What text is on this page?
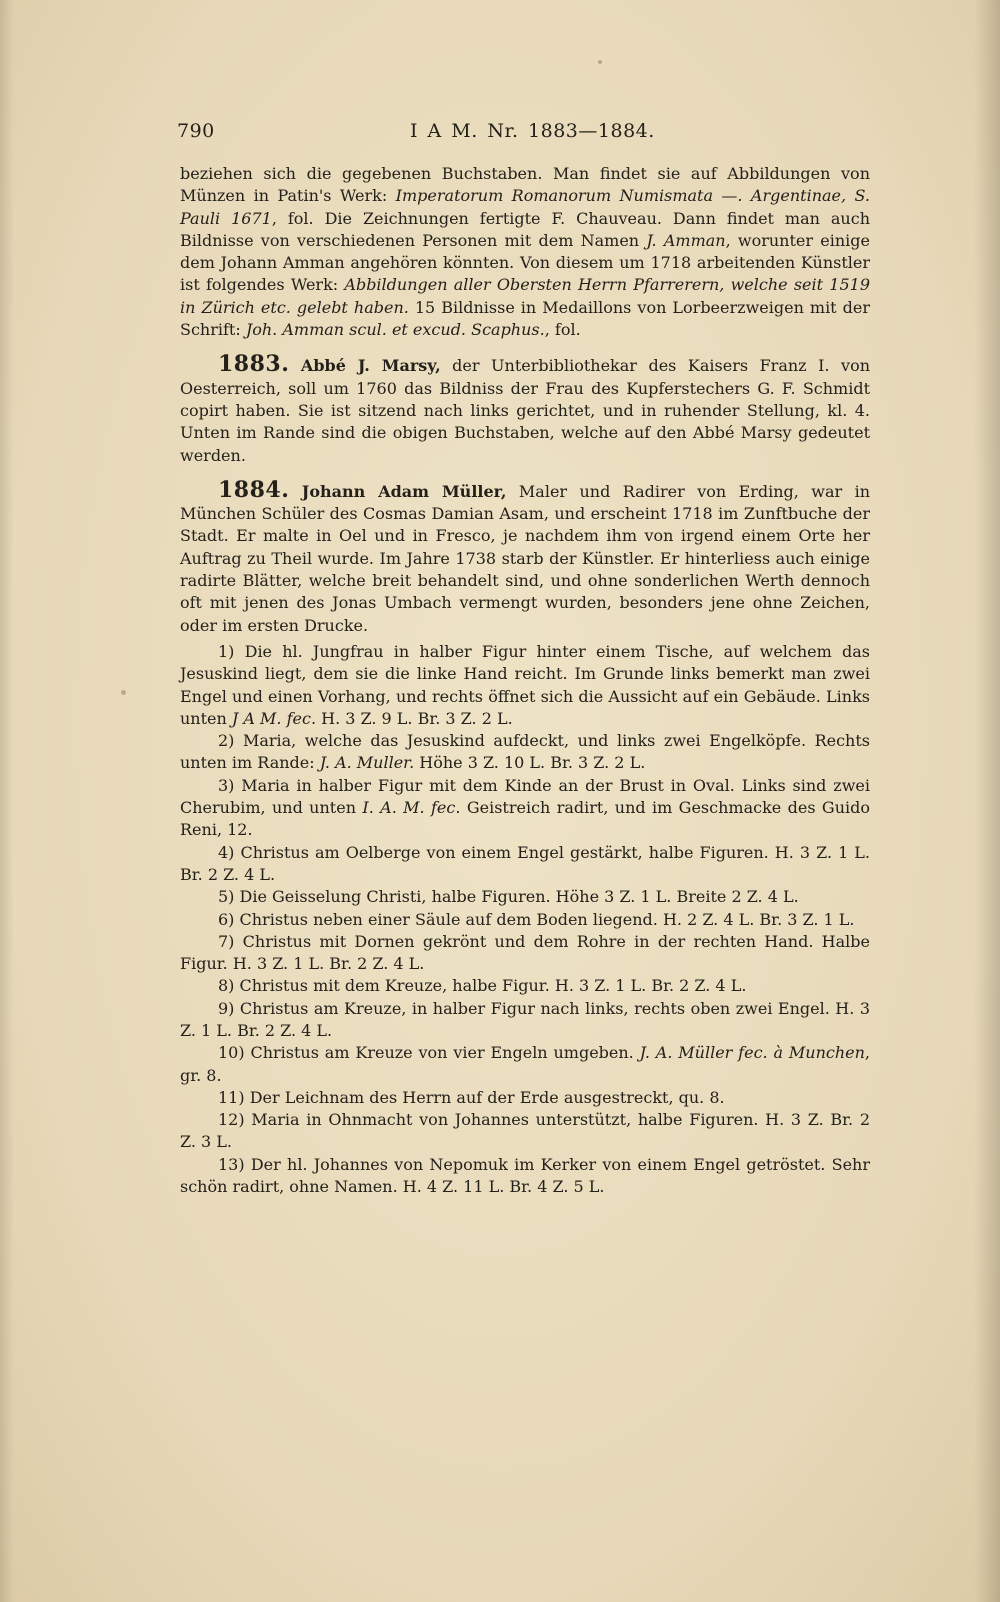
790	I A M. Nr. 1883—1884.

beziehen sich die gegebenen Buchstaben. Man findet sie auf Abbildungen von Münzen in Patin's Werk: Imperatorum Romanorum Numismata —. Argentinae, S. Pauli 1671, fol. Die Zeichnungen fertigte F. Chauveau. Dann findet man auch Bildnisse von verschiedenen Personen mit dem Namen J. Amman, worunter einige dem Johann Amman angehören könnten. Von diesem um 1718 arbeitenden Künstler ist folgendes Werk: Abbildungen aller Obersten Herrn Pfarrerern, welche seit 1519 in Zürich etc. gelebt haben. 15 Bildnisse in Medaillons von Lorbeerzweigen mit der Schrift: Joh. Amman scul. et excud. Scaphus., fol.

1883. Abbé J. Marsy, der Unterbibliothekar des Kaisers Franz I. von Oesterreich, soll um 1760 das Bildniss der Frau des Kupferstechers G. F. Schmidt copirt haben. Sie ist sitzend nach links gerichtet, und in ruhender Stellung, kl. 4. Unten im Rande sind die obigen Buchstaben, welche auf den Abbé Marsy gedeutet werden.

1884. Johann Adam Müller, Maler und Radirer von Erding, war in München Schüler des Cosmas Damian Asam, und erscheint 1718 im Zunftbuche der Stadt. Er malte in Oel und in Fresco, je nachdem ihm von irgend einem Orte her Auftrag zu Theil wurde. Im Jahre 1738 starb der Künstler. Er hinterliess auch einige radirte Blätter, welche breit behandelt sind, und ohne sonderlichen Werth dennoch oft mit jenen des Jonas Umbach vermengt wurden, besonders jene ohne Zeichen, oder im ersten Drucke.

1) Die hl. Jungfrau in halber Figur hinter einem Tische, auf welchem das Jesuskind liegt, dem sie die linke Hand reicht. Im Grunde links bemerkt man zwei Engel und einen Vorhang, und rechts öffnet sich die Aussicht auf ein Gebäude. Links unten J A M. fec. H. 3 Z. 9 L. Br. 3 Z. 2 L.

2) Maria, welche das Jesuskind aufdeckt, und links zwei Engelköpfe. Rechts unten im Rande: J. A. Muller. Höhe 3 Z. 10 L. Br. 3 Z. 2 L.

3) Maria in halber Figur mit dem Kinde an der Brust in Oval. Links sind zwei Cherubim, und unten I. A. M. fec. Geistreich radirt, und im Geschmacke des Guido Reni, 12.

4) Christus am Oelberge von einem Engel gestärkt, halbe Figuren. H. 3 Z. 1 L. Br. 2 Z. 4 L.

5) Die Geisselung Christi, halbe Figuren. Höhe 3 Z. 1 L. Breite 2 Z. 4 L.

6) Christus neben einer Säule auf dem Boden liegend. H. 2 Z. 4 L. Br. 3 Z. 1 L.

7) Christus mit Dornen gekrönt und dem Rohre in der rechten Hand. Halbe Figur. H. 3 Z. 1 L. Br. 2 Z. 4 L.

8) Christus mit dem Kreuze, halbe Figur. H. 3 Z. 1 L. Br. 2 Z. 4 L.

9) Christus am Kreuze, in halber Figur nach links, rechts oben zwei Engel. H. 3 Z. 1 L. Br. 2 Z. 4 L.

10) Christus am Kreuze von vier Engeln umgeben. J. A. Müller fec. à Munchen, gr. 8.

11) Der Leichnam des Herrn auf der Erde ausgestreckt, qu. 8.

12) Maria in Ohnmacht von Johannes unterstützt, halbe Figuren. H. 3 Z. Br. 2 Z. 3 L.

13) Der hl. Johannes von Nepomuk im Kerker von einem Engel getröstet. Sehr schön radirt, ohne Namen. H. 4 Z. 11 L. Br. 4 Z. 5 L.
